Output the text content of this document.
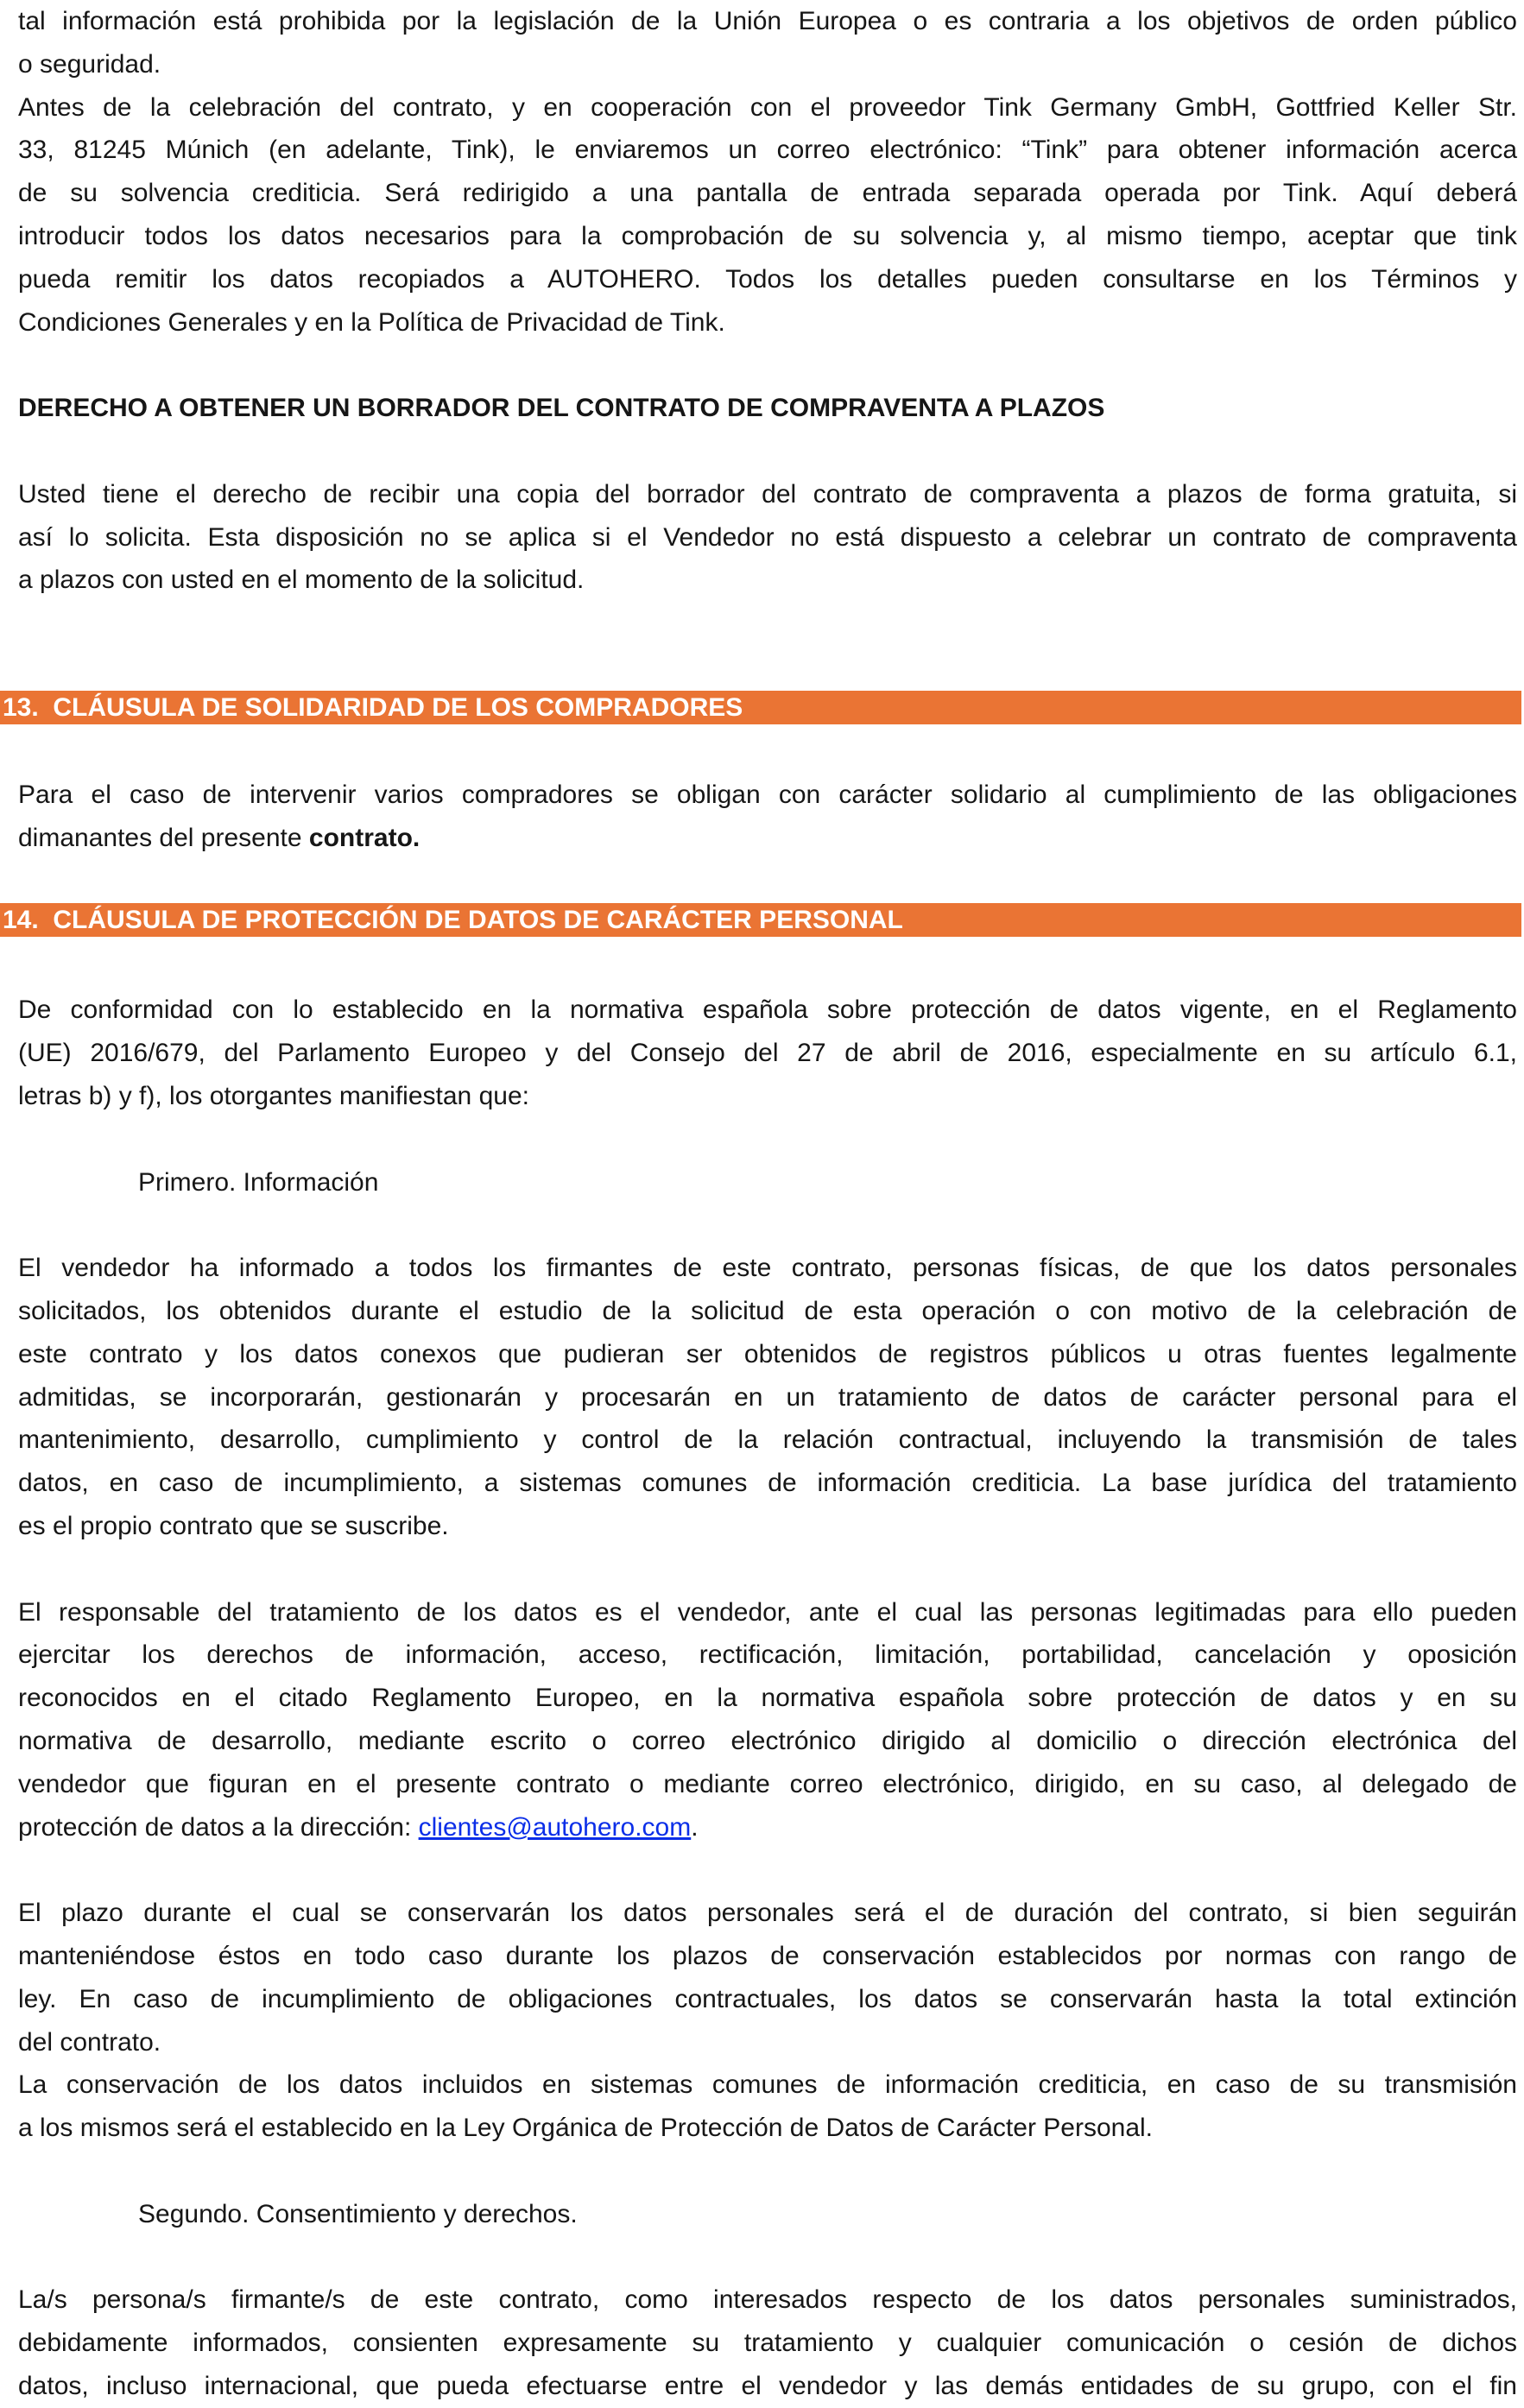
tal información está prohibida por la legislación de la Unión Europea o es contraria a los objetivos de orden público
o seguridad.
Antes de la celebración del contrato, y en cooperación con el proveedor Tink Germany GmbH, Gottfried Keller Str.
33, 81245 Múnich (en adelante, Tink), le enviaremos un correo electrónico: “Tink” para obtener información acerca
de su solvencia crediticia. Será redirigido a una pantalla de entrada separada operada por Tink. Aquí deberá
introducir todos los datos necesarios para la comprobación de su solvencia y, al mismo tiempo, aceptar que tink
pueda remitir los datos recopiados a AUTOHERO. Todos los detalles pueden consultarse en los Términos y
Condiciones Generales y en la Política de Privacidad de Tink.
DERECHO A OBTENER UN BORRADOR DEL CONTRATO DE COMPRAVENTA A PLAZOS
Usted tiene el derecho de recibir una copia del borrador del contrato de compraventa a plazos de forma gratuita, si
así lo solicita. Esta disposición no se aplica si el Vendedor no está dispuesto a celebrar un contrato de compraventa
a plazos con usted en el momento de la solicitud.
13.  CLÁUSULA DE SOLIDARIDAD DE LOS COMPRADORES
Para el caso de intervenir varios compradores se obligan con carácter solidario al cumplimiento de las obligaciones
dimanantes del presente contrato.
14.  CLÁUSULA DE PROTECCIÓN DE DATOS DE CARÁCTER PERSONAL
De conformidad con lo establecido en la normativa española sobre protección de datos vigente, en el Reglamento
(UE) 2016/679, del Parlamento Europeo y del Consejo del 27 de abril de 2016, especialmente en su artículo 6.1,
letras b) y f), los otorgantes manifiestan que:
Primero. Información
El vendedor ha informado a todos los firmantes de este contrato, personas físicas, de que los datos personales
solicitados, los obtenidos durante el estudio de la solicitud de esta operación o con motivo de la celebración de
este contrato y los datos conexos que pudieran ser obtenidos de registros públicos u otras fuentes legalmente
admitidas, se incorporarán, gestionarán y procesarán en un tratamiento de datos de carácter personal para el
mantenimiento, desarrollo, cumplimiento y control de la relación contractual, incluyendo la transmisión de tales
datos, en caso de incumplimiento, a sistemas comunes de información crediticia. La base jurídica del tratamiento
es el propio contrato que se suscribe.
El responsable del tratamiento de los datos es el vendedor, ante el cual las personas legitimadas para ello pueden
ejercitar los derechos de información, acceso, rectificación, limitación, portabilidad, cancelación y oposición
reconocidos en el citado Reglamento Europeo, en la normativa española sobre protección de datos y en su
normativa de desarrollo, mediante escrito o correo electrónico dirigido al domicilio o dirección electrónica del
vendedor que figuran en el presente contrato o mediante correo electrónico, dirigido, en su caso, al delegado de
protección de datos a la dirección: clientes@autohero.com.
El plazo durante el cual se conservarán los datos personales será el de duración del contrato, si bien seguirán
manteniéndose éstos en todo caso durante los plazos de conservación establecidos por normas con rango de
ley. En caso de incumplimiento de obligaciones contractuales, los datos se conservarán hasta la total extinción
del contrato.
La conservación de los datos incluidos en sistemas comunes de información crediticia, en caso de su transmisión
a los mismos será el establecido en la Ley Orgánica de Protección de Datos de Carácter Personal.
Segundo. Consentimiento y derechos.
La/s persona/s firmante/s de este contrato, como interesados respecto de los datos personales suministrados,
debidamente informados, consienten expresamente su tratamiento y cualquier comunicación o cesión de dichos
datos, incluso internacional, que pueda efectuarse entre el vendedor y las demás entidades de su grupo, con el fin
